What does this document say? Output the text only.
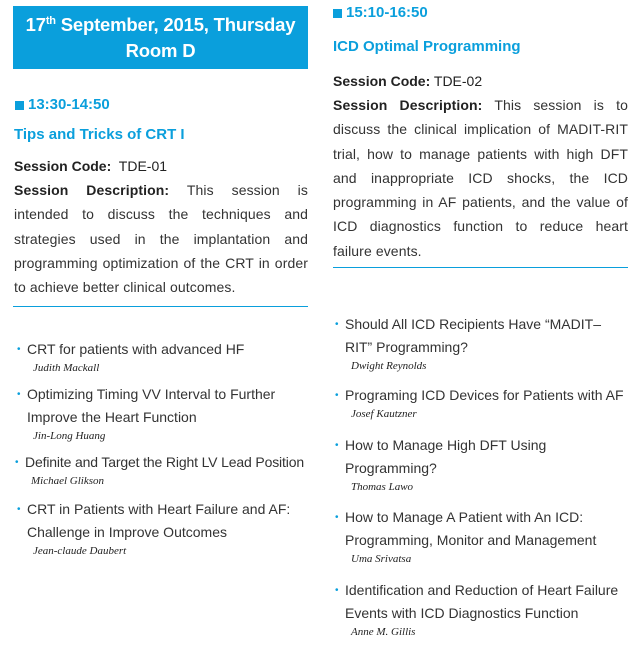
17th September, 2015, Thursday
Room D
13:30-14:50
Tips and Tricks of CRT I
Session Code: TDE-01
Session Description: This session is intended to discuss the techniques and strategies used in the implantation and programming optimization of the CRT in order to achieve better clinical outcomes.
• CRT for patients with advanced HF
Judith Mackall
• Optimizing Timing VV Interval to Further Improve the Heart Function
Jin-Long Huang
• Definite and Target the Right LV Lead Position
Michael Glikson
• CRT in Patients with Heart Failure and AF: Challenge in Improve Outcomes
Jean-claude Daubert
15:10-16:50
ICD Optimal Programming
Session Code: TDE-02
Session Description: This session is to discuss the clinical implication of MADIT-RIT trial, how to manage patients with high DFT and inappropriate ICD shocks, the ICD programming in AF patients, and the value of ICD diagnostics function to reduce heart failure events.
• Should All ICD Recipients Have “MADIT–RIT” Programming?
Dwight Reynolds
• Programing ICD Devices for Patients with AF
Josef Kautzner
• How to Manage High DFT Using Programming?
Thomas Lawo
• How to Manage A Patient with An ICD: Programming, Monitor and Management
Uma Srivatsa
• Identification and Reduction of Heart Failure Events with ICD Diagnostics Function
Anne M. Gillis
